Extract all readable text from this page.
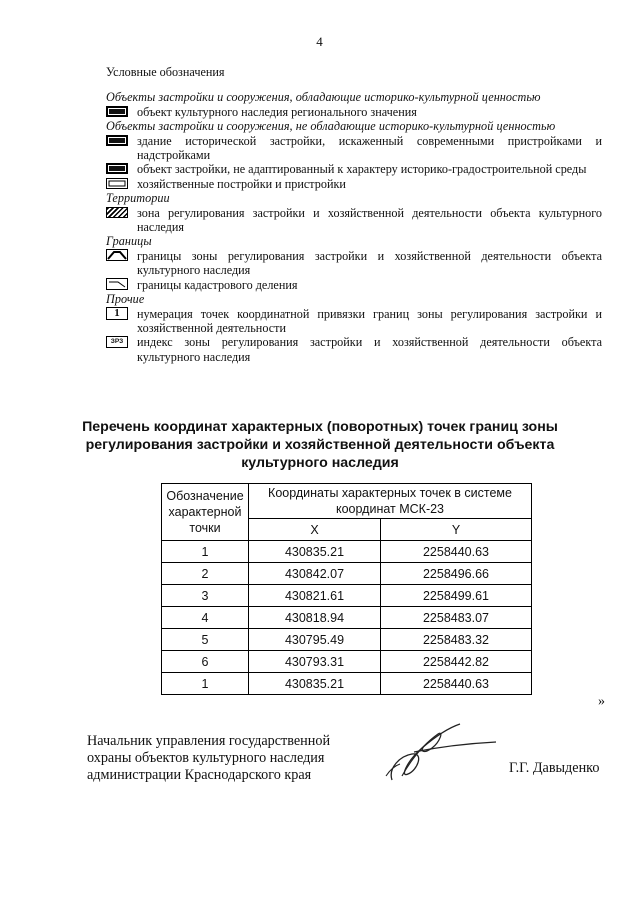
4
Условные обозначения
Объекты застройки и сооружения, обладающие историко-культурной ценностью
объект культурного наследия регионального значения
Объекты застройки и сооружения, не обладающие историко-культурной ценностью
здание исторической застройки, искаженный современными пристройками и надстройками
объект застройки, не адаптированный к характеру историко-градостроительной среды
хозяйственные постройки и пристройки
Территории
зона регулирования застройки и хозяйственной деятельности объекта культурного наследия
Границы
границы зоны регулирования застройки и хозяйственной деятельности объекта культурного наследия
границы кадастрового деления
Прочие
1	нумерация точек координатной привязки границ зоны регулирования застройки и хозяйственной деятельности
ЗРЗ	индекс зоны регулирования застройки и хозяйственной деятельности объекта культурного наследия
Перечень координат характерных (поворотных) точек границ зоны регулирования застройки и хозяйственной деятельности объекта культурного наследия
Обозначение характерной точки	Координаты характерных точек в системе координат МСК-23	
	X	Y
1	430835.21	2258440.63
2	430842.07	2258496.66
3	430821.61	2258499.61
4	430818.94	2258483.07
5	430795.49	2258483.32
6	430793.31	2258442.82
1	430835.21	2258440.63
»
Начальник управления государственной
охраны объектов культурного наследия
администрации Краснодарского края	Г.Г. Давыденко
